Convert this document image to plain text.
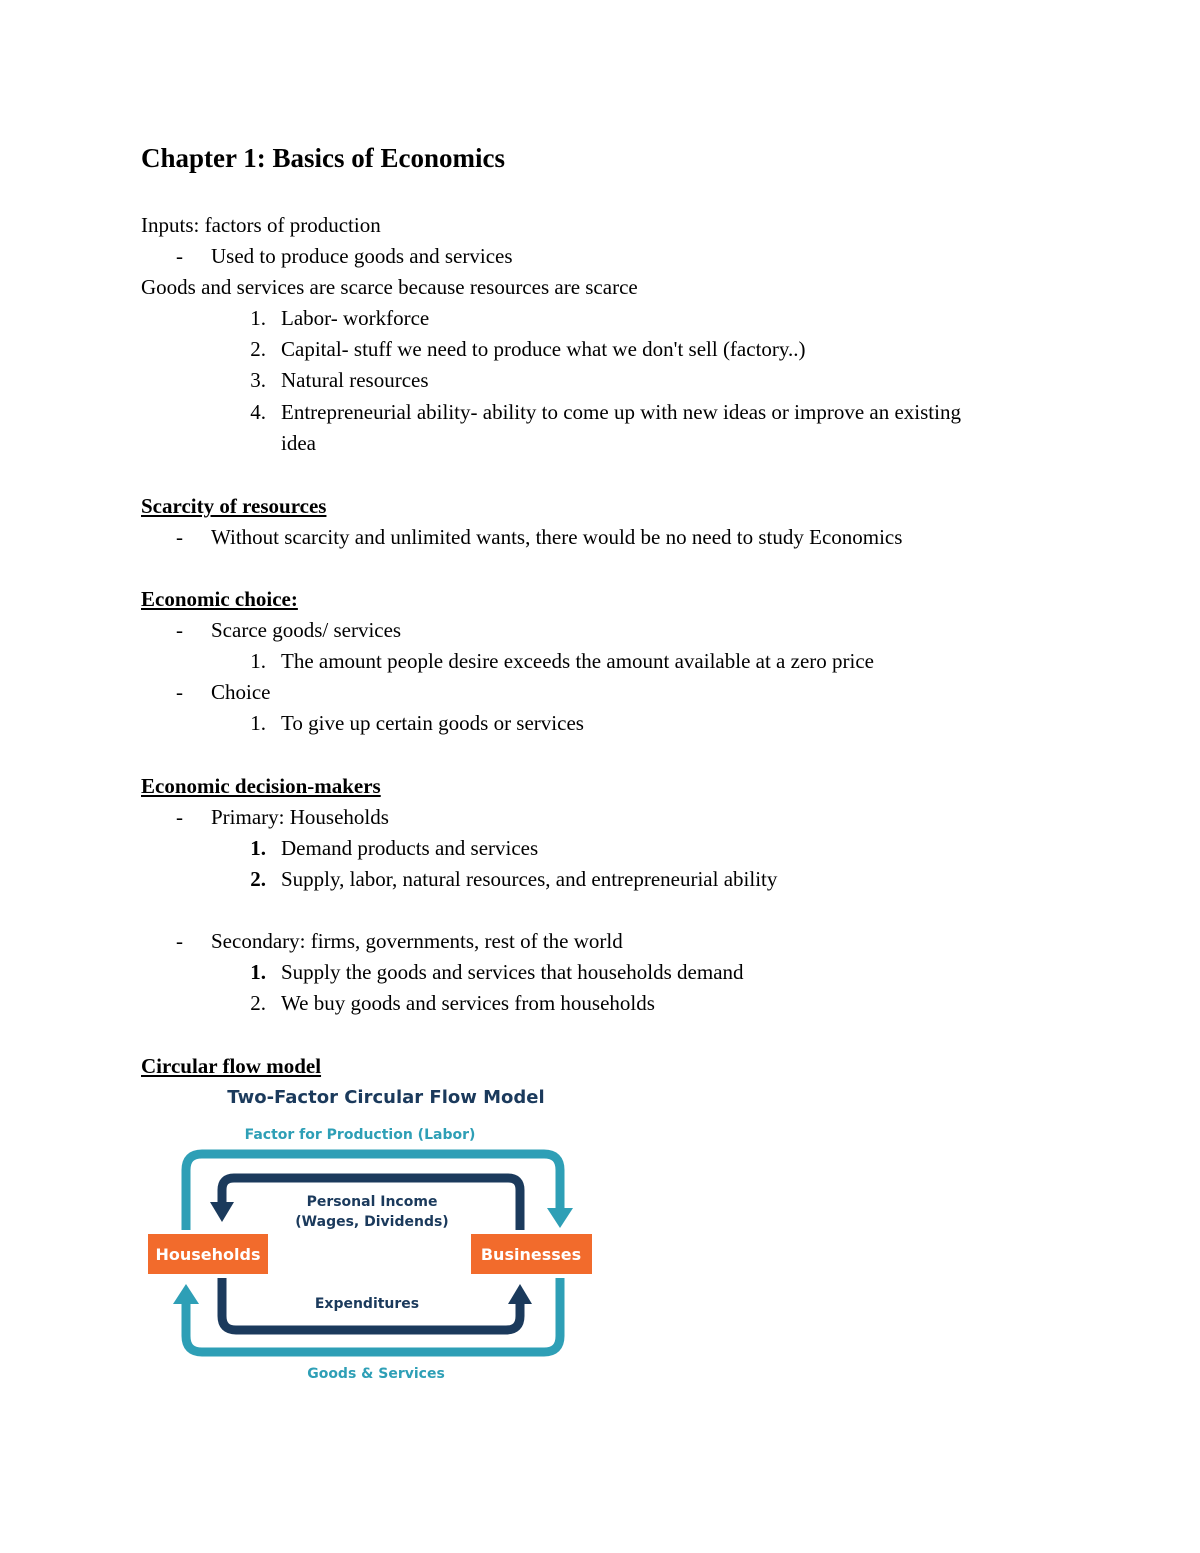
Chapter 1: Basics of Economics
Inputs: factors of production
- Used to produce goods and services
Goods and services are scarce because resources are scarce
1. Labor- workforce
2. Capital- stuff we need to produce what we don't sell (factory..)
3. Natural resources
4. Entrepreneurial ability- ability to come up with new ideas or improve an existing
idea
Scarcity of resources
- Without scarcity and unlimited wants, there would be no need to study Economics
Economic choice:
- Scarce goods/ services
1. The amount people desire exceeds the amount available at a zero price
- Choice
1. To give up certain goods or services
Economic decision-makers
- Primary: Households
1. Demand products and services
2. Supply, labor, natural resources, and entrepreneurial ability
- Secondary: firms, governments, rest of the world
1. Supply the goods and services that households demand
2. We buy goods and services from households
Circular flow model
Two-Factor Circular Flow Model
Factor for Production (Labor)
Personal Income
(Wages, Dividends)
Households	Businesses
Expenditures
Goods & Services
